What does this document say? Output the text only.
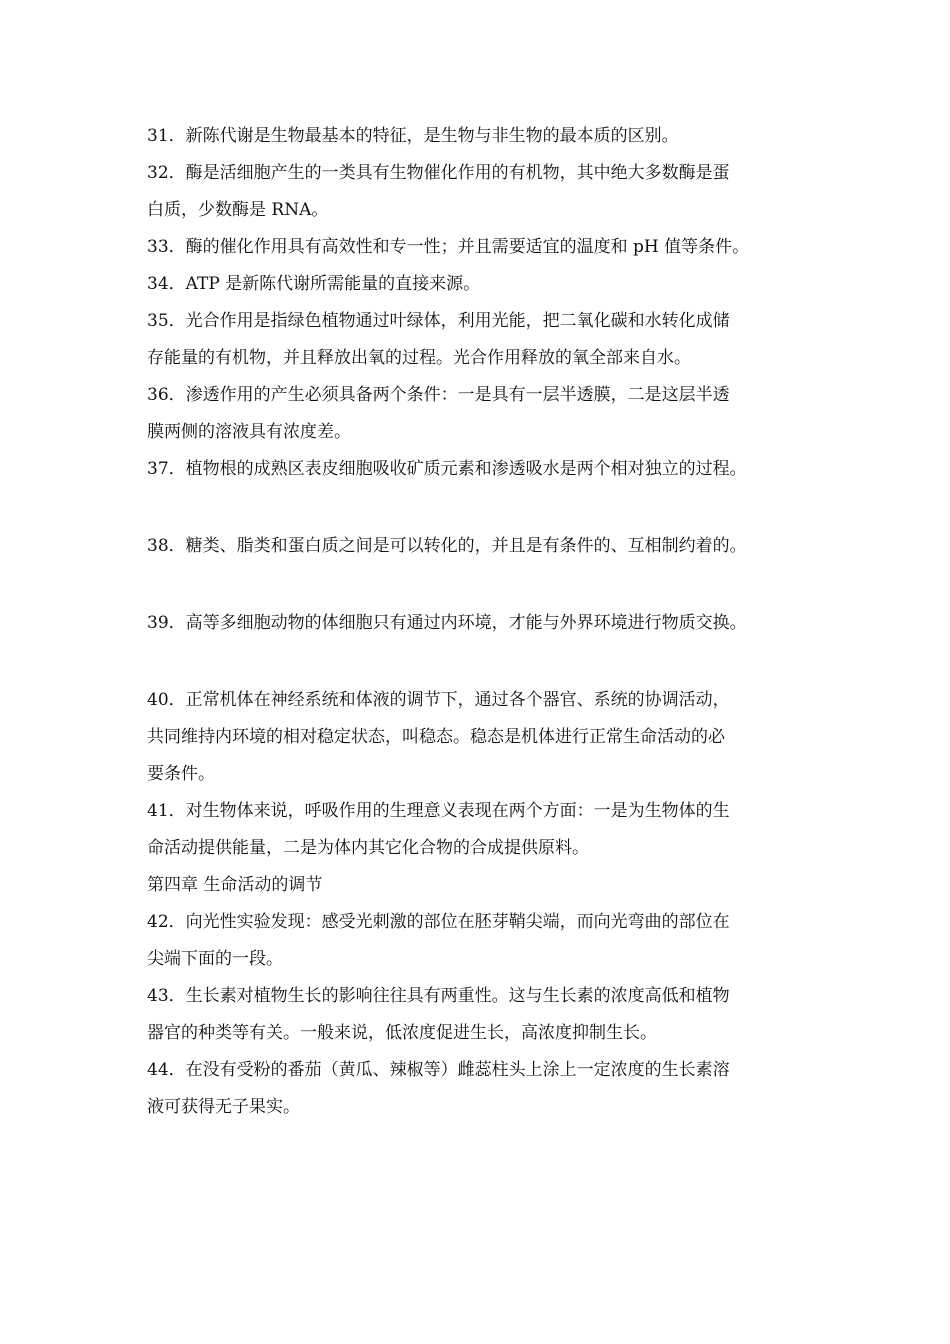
31．新陈代谢是生物最基本的特征，是生物与非生物的最本质的区别。
32．酶是活细胞产生的一类具有生物催化作用的有机物，其中绝大多数酶是蛋
白质，少数酶是 RNA。
33．酶的催化作用具有高效性和专一性；并且需要适宜的温度和 pH 值等条件。
34．ATP 是新陈代谢所需能量的直接来源。
35．光合作用是指绿色植物通过叶绿体，利用光能，把二氧化碳和水转化成储
存能量的有机物，并且释放出氧的过程。光合作用释放的氧全部来自水。
36．渗透作用的产生必须具备两个条件：一是具有一层半透膜，二是这层半透
膜两侧的溶液具有浓度差。
37．植物根的成熟区表皮细胞吸收矿质元素和渗透吸水是两个相对独立的过程。
38．糖类、脂类和蛋白质之间是可以转化的，并且是有条件的、互相制约着的。
39．高等多细胞动物的体细胞只有通过内环境，才能与外界环境进行物质交换。
40．正常机体在神经系统和体液的调节下，通过各个器官、系统的协调活动，
共同维持内环境的相对稳定状态，叫稳态。稳态是机体进行正常生命活动的必
要条件。
41．对生物体来说，呼吸作用的生理意义表现在两个方面：一是为生物体的生
命活动提供能量，二是为体内其它化合物的合成提供原料。
第四章 生命活动的调节
42．向光性实验发现：感受光刺激的部位在胚芽鞘尖端，而向光弯曲的部位在
尖端下面的一段。
43．生长素对植物生长的影响往往具有两重性。这与生长素的浓度高低和植物
器官的种类等有关。一般来说，低浓度促进生长，高浓度抑制生长。
44．在没有受粉的番茄（黄瓜、辣椒等）雌蕊柱头上涂上一定浓度的生长素溶
液可获得无子果实。
